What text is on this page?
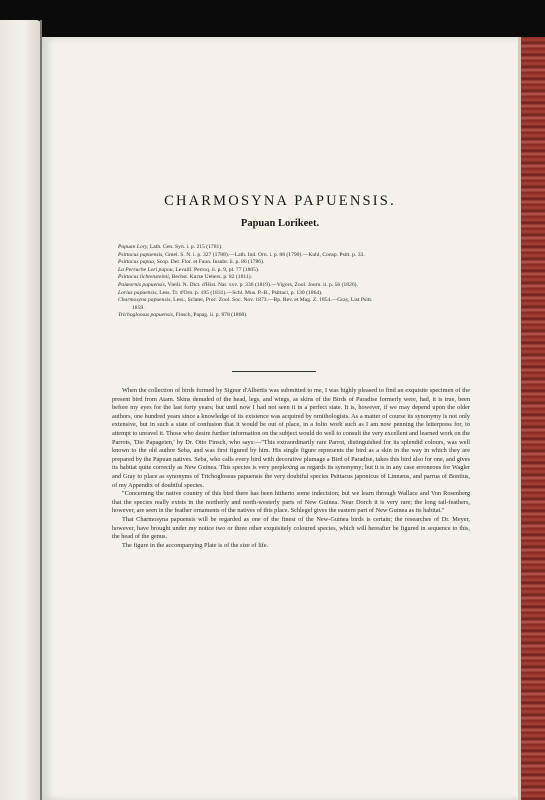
CHARMOSYNA PAPUENSIS.
Papuan Lorikeet.
Papuan Lory, Lath. Gen. Syn. i. p. 215 (1781).
Psittacus papuensis, Gmel. S. N. i. p. 327 (1788).—Lath. Ind. Orn. i. p. 88 (1790).—Kuhl, Consp. Psitt. p. 33.
Psittacus papua, Scop. Del. Flor. et Faun. Insubr. ii. p. 86 (1786).
La Perruche Lori papou, Levaill. Perroq. ii. p. 9, pl. 77 (1805).
Psittacus lichtensteinii, Bechst. Kurze Uebers. p. 82 (1811).
Palæornis papuensis, Vieill. N. Dict. d'Hist. Nat. xxv. p. 336 (1819).—Vigors, Zool. Journ. ii. p. 56 (1826).
Lorius papuensis, Less. Tr. d'Orn. p. 195 (1831).—Schl. Mus. P.-B., Psittaci, p. 130 (1864).
Charmosyna papuensis, Less., Sclater, Proc. Zool. Soc. Nov. 1873.—Bp. Rev. et Mag. Z. 1854.—Gray, List Psitt.
1859.
Trichoglossus papuensis, Finsch, Papag. ii. p. 878 (1868).

When the collection of birds formed by Signor d'Albertis was submitted to me, I was highly pleased to find an exquisite specimen of the present bird from Atam. Skins denuded of the head, legs, and wings, as skins of the Birds of Paradise formerly were, had, it is true, been before my eyes for the last forty years; but until now I had not seen it in a perfect state. It is, however, if we may depend upon the older authors, one hundred years since a knowledge of its existence was acquired by ornithologists. As a matter of course its synonymy is not only extensive, but in such a state of confusion that it would be out of place, in a folio work such as I am now penning the letterpress for, to attempt to unravel it. Those who desire further information on the subject would do well to consult the very excellent and learned work on the Parrots, 'Die Papageien,' by Dr. Otto Finsch, who says:—"This extraordinarily rare Parrot, distinguished for its splendid colours, was well known to the old author Seba, and was first figured by him. His single figure represents the bird as a skin in the way in which they are prepared by the Papuan natives. Seba, who calls every bird with decorative plumage a Bird of Paradise, takes this bird also for one, and gives its habitat quite correctly as New Guinea. This species is very perplexing as regards its synonymy; but it is in any case erroneous for Wagler and Gray to place as synonyms of Trichoglossus papuensis the very doubtful species Psittacus japonicus of Linnæus, and parrua of Bontius, of my Appendix of doubtful species.

"Concerning the native country of this bird there has been hitherto some indecision; but we learn through Wallace and Von Rosenberg that the species really exists in the northerly and north-westerly parts of New Guinea. Near Dorch it is very rare; the long tail-feathers, however, are seen in the feather ornaments of the natives of this place. Schlegel gives the eastern part of New Guinea as its habitat."

That Charmosyna papuensis will be regarded as one of the finest of the New-Guinea birds is certain; the researches of Dr. Meyer, however, have brought under my notice two or three other exquisitely coloured species, which will hereafter be figured in sequence to this, the head of the genus.

The figure in the accompanying Plate is of the size of life.
